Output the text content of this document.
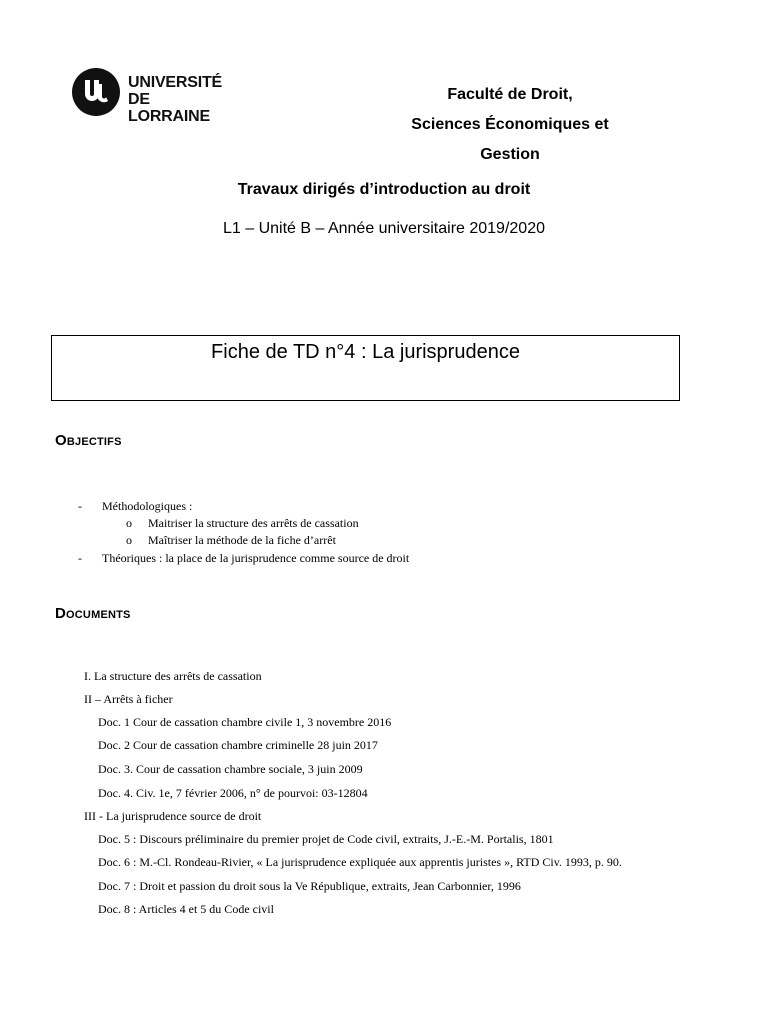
UNIVERSITÉ
DE LORRAINE
Faculté de Droit,
Sciences Économiques et
Gestion
Travaux dirigés d’introduction au droit
L1 – Unité B – Année universitaire 2019/2020
Fiche de TD n°4 : La jurisprudence
Objectifs
- Méthodologiques :
o Maitriser la structure des arrêts de cassation
o Maîtriser la méthode de la fiche d’arrêt
- Théoriques : la place de la jurisprudence comme source de droit
Documents
I. La structure des arrêts de cassation
II – Arrêts à ficher
Doc. 1 Cour de cassation chambre civile 1, 3 novembre 2016
Doc. 2 Cour de cassation chambre criminelle 28 juin 2017
Doc. 3. Cour de cassation chambre sociale, 3 juin 2009
Doc. 4. Civ. 1e, 7 février 2006, n° de pourvoi: 03-12804
III - La jurisprudence source de droit
Doc. 5 : Discours préliminaire du premier projet de Code civil, extraits, J.-E.-M. Portalis, 1801
Doc. 6 : M.-Cl. Rondeau-Rivier, « La jurisprudence expliquée aux apprentis juristes », RTD Civ. 1993, p. 90.
Doc. 7 : Droit et passion du droit sous la Ve République, extraits, Jean Carbonnier, 1996
Doc. 8 : Articles 4 et 5 du Code civil
